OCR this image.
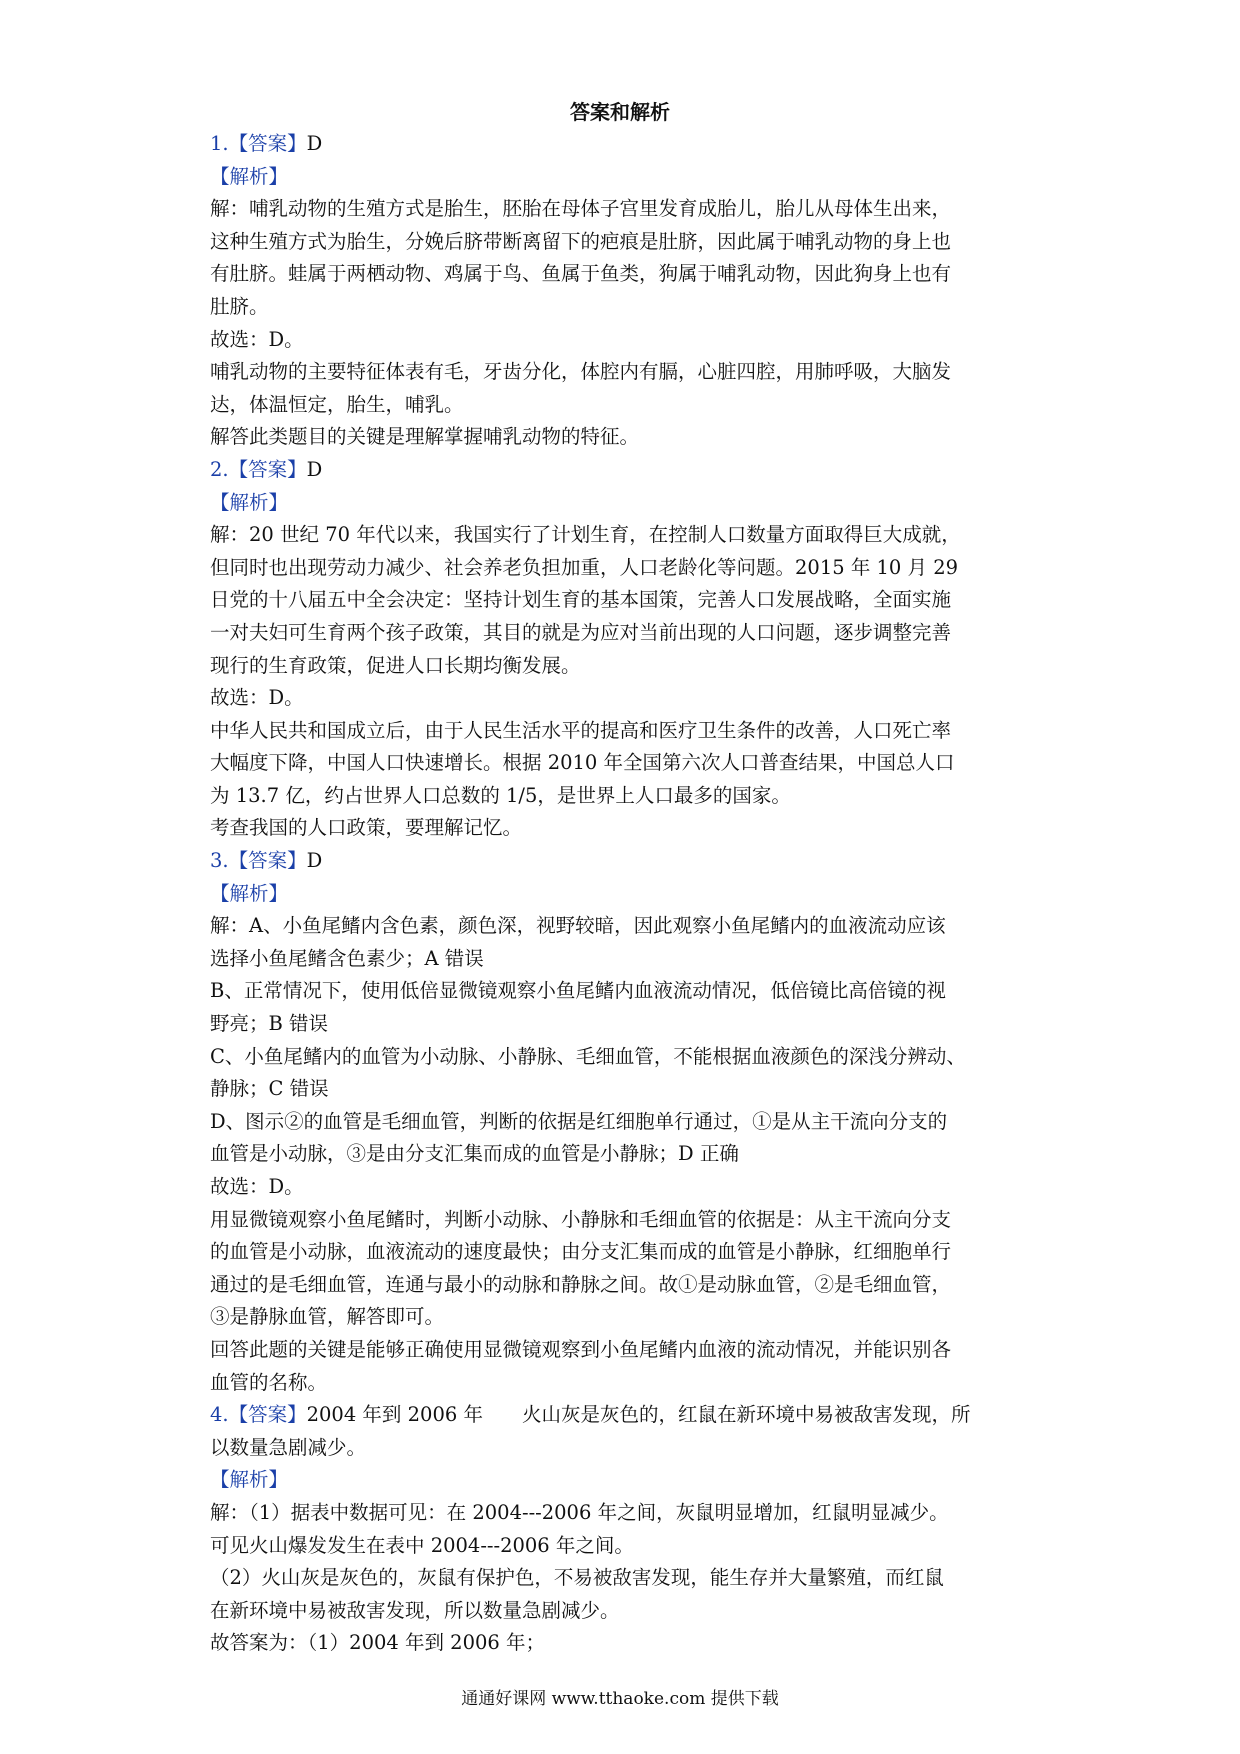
答案和解析
1.【答案】D
【解析】
解：哺乳动物的生殖方式是胎生，胚胎在母体子宫里发育成胎儿，胎儿从母体生出来，
这种生殖方式为胎生，分娩后脐带断离留下的疤痕是肚脐，因此属于哺乳动物的身上也
有肚脐。蛙属于两栖动物、鸡属于鸟、鱼属于鱼类，狗属于哺乳动物，因此狗身上也有
肚脐。
故选：D。
哺乳动物的主要特征体表有毛，牙齿分化，体腔内有膈，心脏四腔，用肺呼吸，大脑发
达，体温恒定，胎生，哺乳。
解答此类题目的关键是理解掌握哺乳动物的特征。
2.【答案】D
【解析】
解：20 世纪 70 年代以来，我国实行了计划生育，在控制人口数量方面取得巨大成就，
但同时也出现劳动力减少、社会养老负担加重，人口老龄化等问题。2015 年 10 月 29
日党的十八届五中全会决定：坚持计划生育的基本国策，完善人口发展战略，全面实施
一对夫妇可生育两个孩子政策，其目的就是为应对当前出现的人口问题，逐步调整完善
现行的生育政策，促进人口长期均衡发展。
故选：D。
中华人民共和国成立后，由于人民生活水平的提高和医疗卫生条件的改善，人口死亡率
大幅度下降，中国人口快速增长。根据 2010 年全国第六次人口普查结果，中国总人口
为 13.7 亿，约占世界人口总数的 1/5，是世界上人口最多的国家。
考查我国的人口政策，要理解记忆。
3.【答案】D
【解析】
解：A、小鱼尾鳍内含色素，颜色深，视野较暗，因此观察小鱼尾鳍内的血液流动应该
选择小鱼尾鳍含色素少；A 错误
B、正常情况下，使用低倍显微镜观察小鱼尾鳍内血液流动情况，低倍镜比高倍镜的视
野亮；B 错误
C、小鱼尾鳍内的血管为小动脉、小静脉、毛细血管，不能根据血液颜色的深浅分辨动、
静脉；C 错误
D、图示②的血管是毛细血管，判断的依据是红细胞单行通过，①是从主干流向分支的
血管是小动脉，③是由分支汇集而成的血管是小静脉；D 正确
故选：D。
用显微镜观察小鱼尾鳍时，判断小动脉、小静脉和毛细血管的依据是：从主干流向分支
的血管是小动脉，血液流动的速度最快；由分支汇集而成的血管是小静脉，红细胞单行
通过的是毛细血管，连通与最小的动脉和静脉之间。故①是动脉血管，②是毛细血管，
③是静脉血管，解答即可。
回答此题的关键是能够正确使用显微镜观察到小鱼尾鳍内血液的流动情况，并能识别各
血管的名称。
4.【答案】2004 年到 2006 年　　火山灰是灰色的，红鼠在新环境中易被敌害发现，所
以数量急剧减少。
【解析】
解：（1）据表中数据可见：在 2004---2006 年之间，灰鼠明显增加，红鼠明显减少。
可见火山爆发发生在表中 2004---2006 年之间。
（2）火山灰是灰色的，灰鼠有保护色，不易被敌害发现，能生存并大量繁殖，而红鼠
在新环境中易被敌害发现，所以数量急剧减少。
故答案为：（1）2004 年到 2006 年；
通通好课网 www.tthaoke.com 提供下载
